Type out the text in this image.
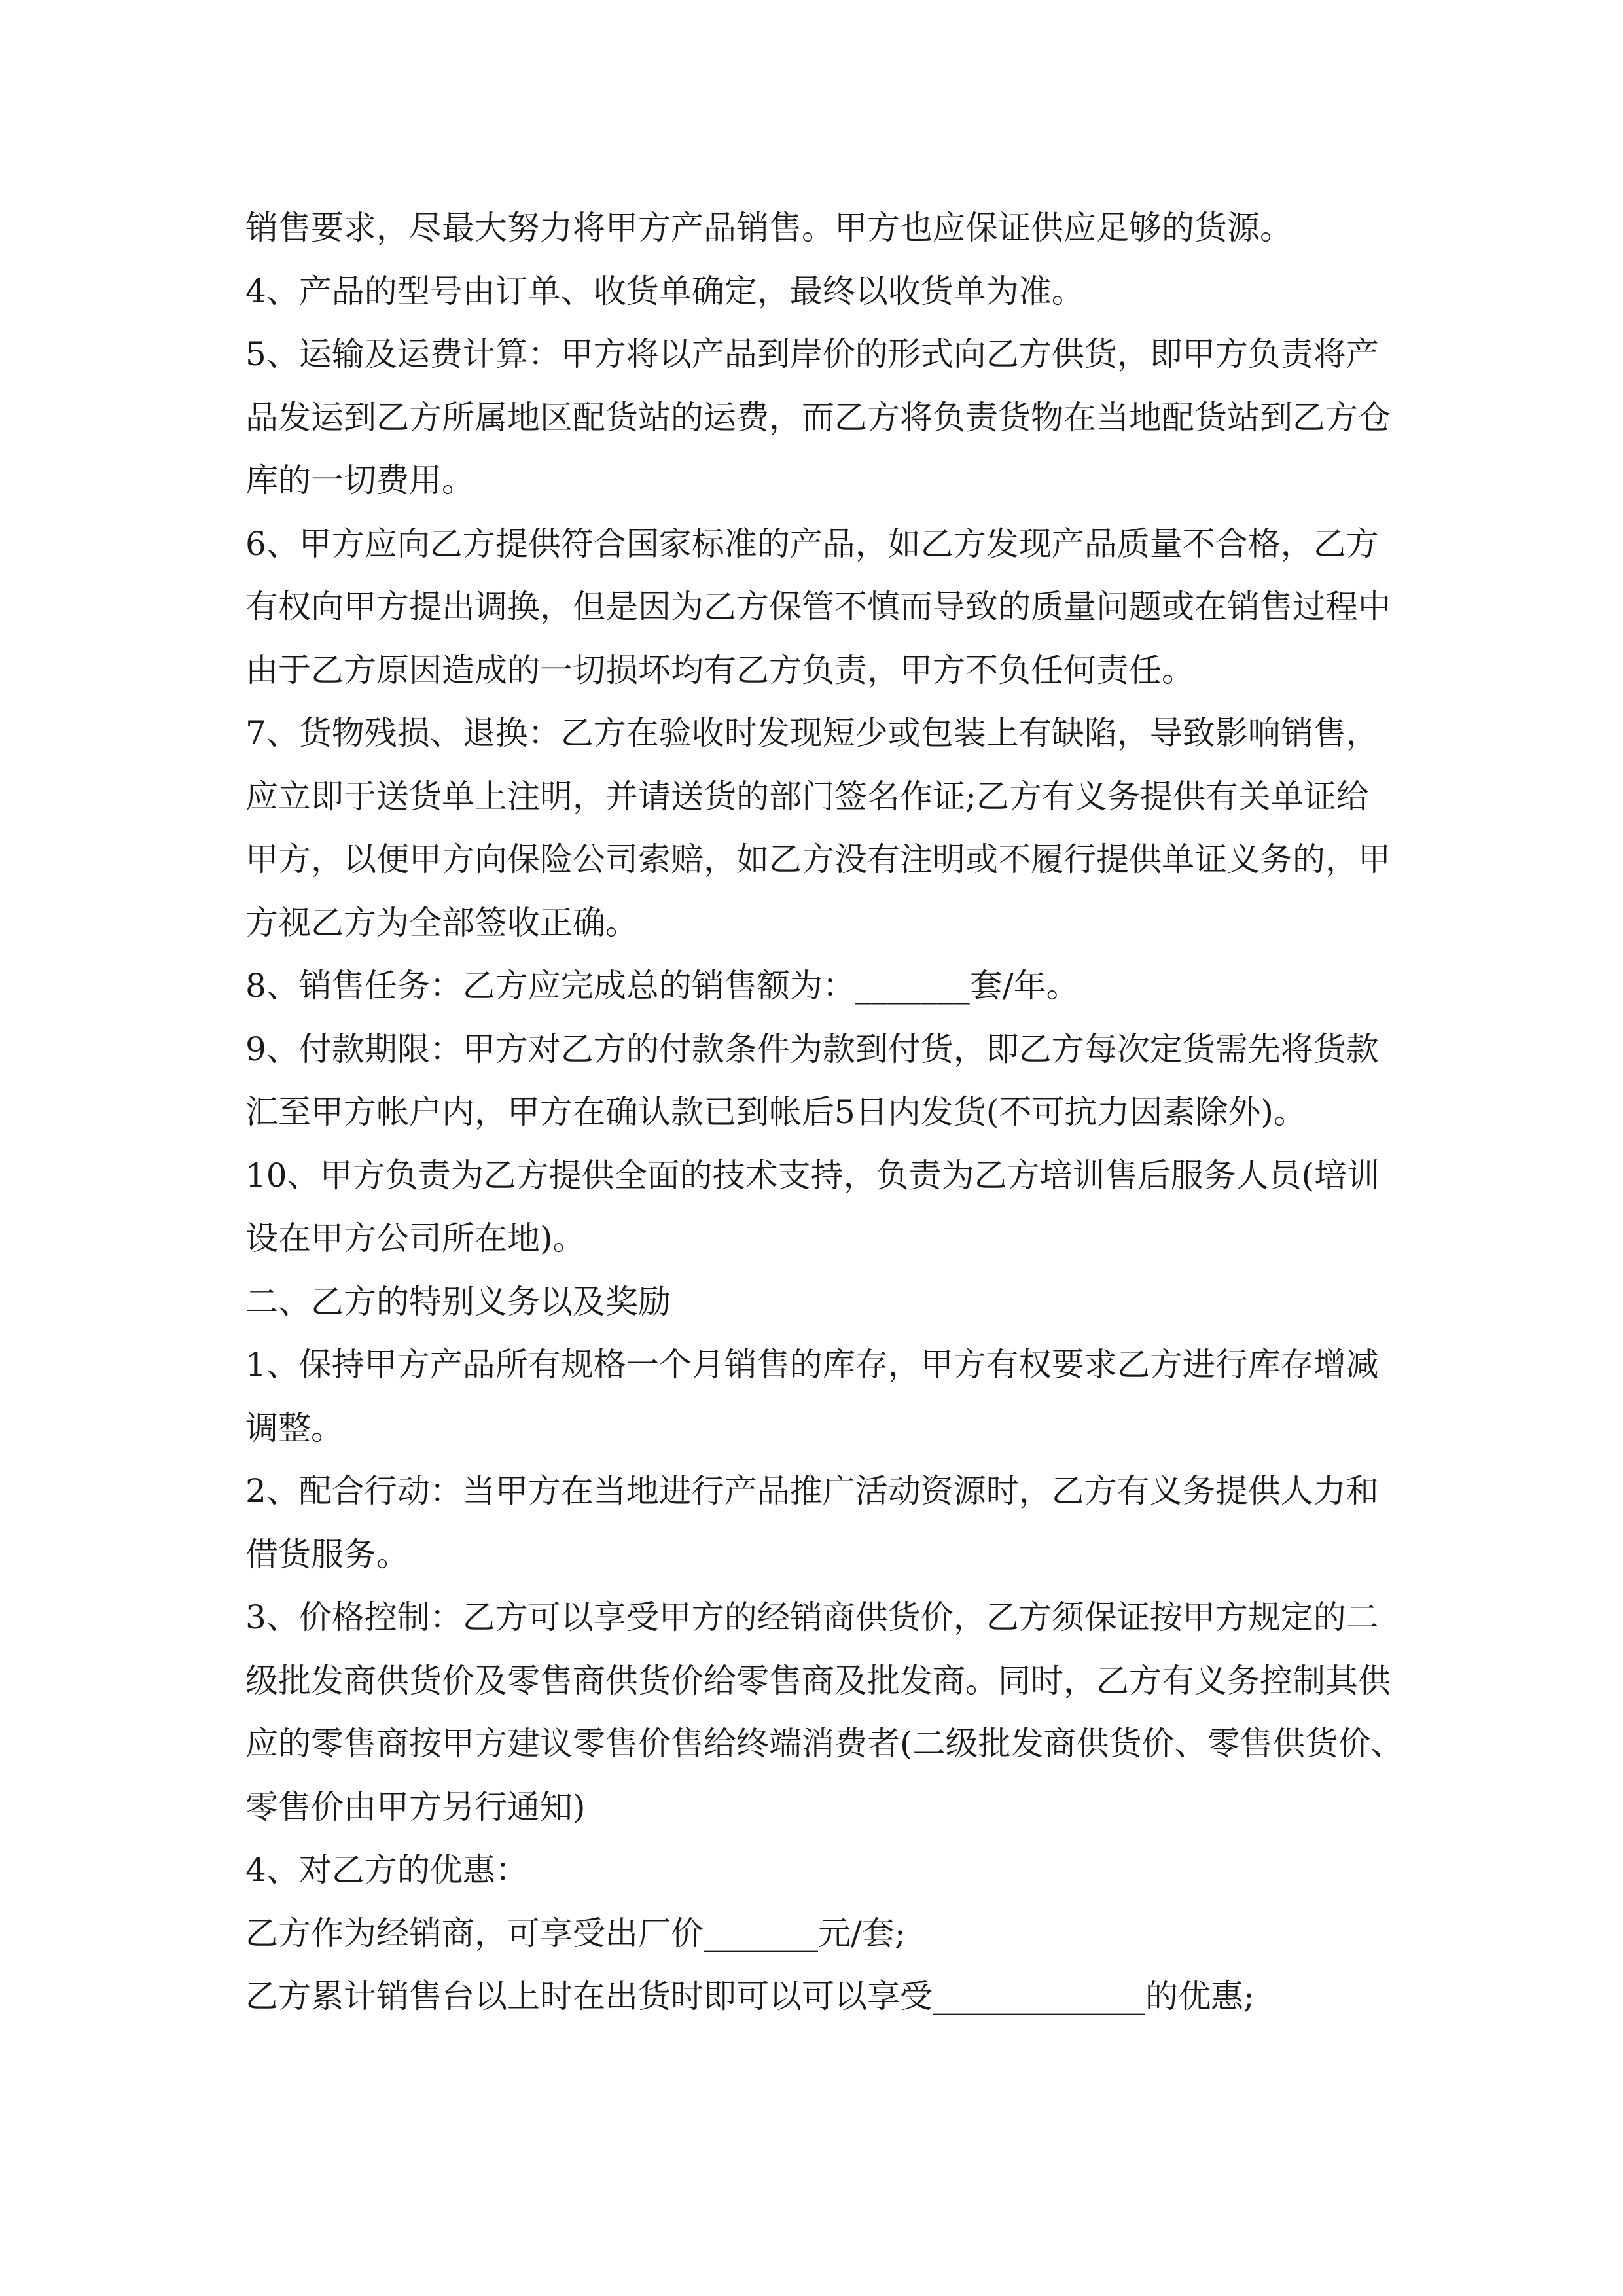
销售要求，尽最大努力将甲方产品销售。甲方也应保证供应足够的货源。
4、产品的型号由订单、收货单确定，最终以收货单为准。
5、运输及运费计算：甲方将以产品到岸价的形式向乙方供货，即甲方负责将产
品发运到乙方所属地区配货站的运费，而乙方将负责货物在当地配货站到乙方仓
库的一切费用。
6、甲方应向乙方提供符合国家标准的产品，如乙方发现产品质量不合格，乙方
有权向甲方提出调换，但是因为乙方保管不慎而导致的质量问题或在销售过程中
由于乙方原因造成的一切损坏均有乙方负责，甲方不负任何责任。
7、货物残损、退换：乙方在验收时发现短少或包装上有缺陷，导致影响销售，
应立即于送货单上注明，并请送货的部门签名作证;乙方有义务提供有关单证给
甲方，以便甲方向保险公司索赔，如乙方没有注明或不履行提供单证义务的，甲
方视乙方为全部签收正确。
8、销售任务：乙方应完成总的销售额为：_______套/年。
9、付款期限：甲方对乙方的付款条件为款到付货，即乙方每次定货需先将货款
汇至甲方帐户内，甲方在确认款已到帐后5日内发货(不可抗力因素除外)。
10、甲方负责为乙方提供全面的技术支持，负责为乙方培训售后服务人员(培训
设在甲方公司所在地)。
二、乙方的特别义务以及奖励
1、保持甲方产品所有规格一个月销售的库存，甲方有权要求乙方进行库存增减
调整。
2、配合行动：当甲方在当地进行产品推广活动资源时，乙方有义务提供人力和
借货服务。
3、价格控制：乙方可以享受甲方的经销商供货价，乙方须保证按甲方规定的二
级批发商供货价及零售商供货价给零售商及批发商。同时，乙方有义务控制其供
应的零售商按甲方建议零售价售给终端消费者(二级批发商供货价、零售供货价、
零售价由甲方另行通知)
4、对乙方的优惠：
乙方作为经销商，可享受出厂价_______元/套;
乙方累计销售台以上时在出货时即可以可以享受_____________的优惠;
